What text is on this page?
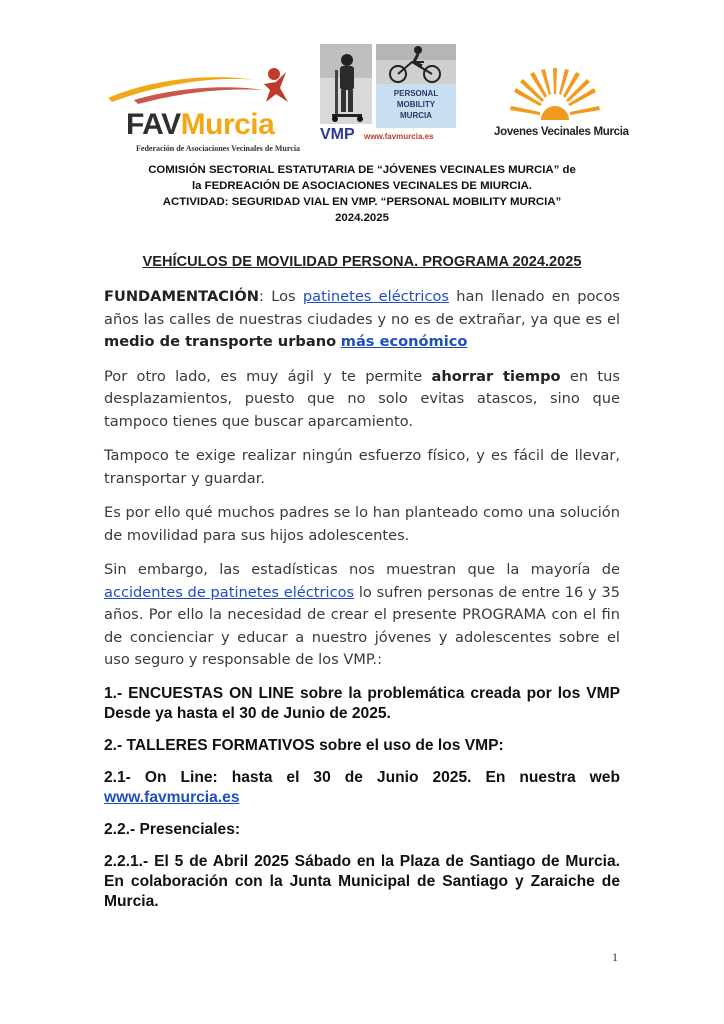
FAVMurcia
Federación de Asociaciones Vecinales de Murcia
PERSONAL
MOBILITY
MURCIA
VMP www.favmurcia.es	Jovenes Vecinales Murcia
COMISIÓN SECTORIAL ESTATUTARIA DE “JÓVENES VECINALES MURCIA” de
la FEDREACIÓN DE ASOCIACIONES VECINALES DE MIURCIA.
ACTIVIDAD: SEGURIDAD VIAL EN VMP. “PERSONAL MOBILITY MURCIA”
2024.2025
VEHÍCULOS DE MOVILIDAD PERSONA. PROGRAMA 2024.2025

FUNDAMENTACIÓN: Los patinetes eléctricos han llenado en pocos años las calles de nuestras ciudades y no es de extrañar, ya que es el medio de transporte urbano más económico

Por otro lado, es muy ágil y te permite ahorrar tiempo en tus desplazamientos, puesto que no solo evitas atascos, sino que tampoco tienes que buscar aparcamiento.

Tampoco te exige realizar ningún esfuerzo físico, y es fácil de llevar, transportar y guardar.

Es por ello qué muchos padres se lo han planteado como una solución de movilidad para sus hijos adolescentes.

Sin embargo, las estadísticas nos muestran que la mayoría de accidentes de patinetes eléctricos lo sufren personas de entre 16 y 35 años. Por ello la necesidad de crear el presente PROGRAMA con el fin de concienciar y educar a nuestro jóvenes y adolescentes sobre el uso seguro y responsable de los VMP.:

1.- ENCUESTAS ON LINE sobre la problemática creada por los VMP Desde ya hasta el 30 de Junio de 2025.
2.- TALLERES FORMATIVOS sobre el uso de los VMP:
2.1- On Line: hasta el 30 de Junio 2025. En nuestra web www.favmurcia.es
2.2.- Presenciales:
2.2.1.- El 5 de Abril 2025 Sábado en la Plaza de Santiago de Murcia. En colaboración con la Junta Municipal de Santiago y Zaraiche de Murcia.
1
